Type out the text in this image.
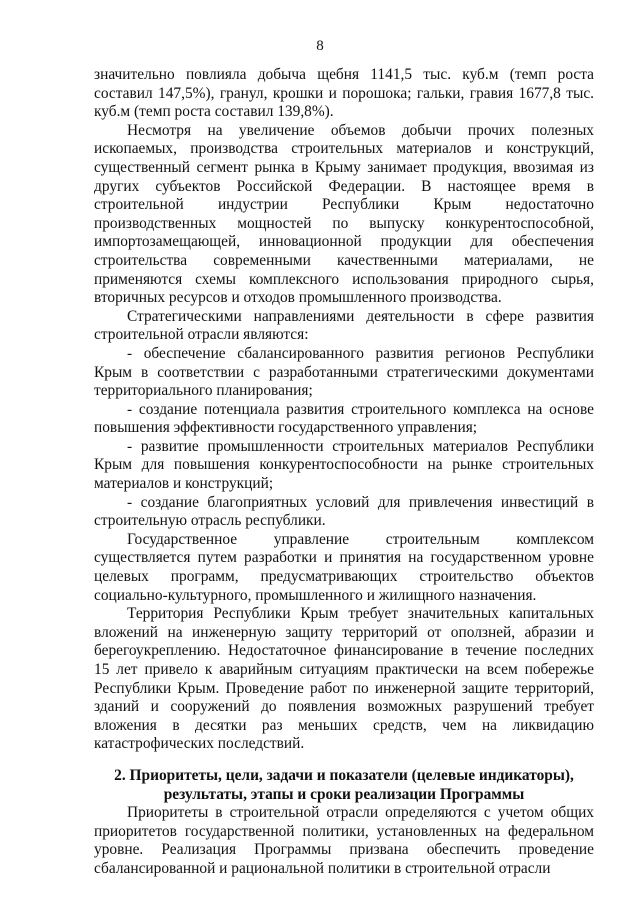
8

значительно повлияла добыча щебня 1141,5 тыс. куб.м (темп роста составил 147,5%), гранул, крошки и порошока; гальки, гравия 1677,8 тыс. куб.м (темп роста составил 139,8%).

Несмотря на увеличение объемов добычи прочих полезных ископаемых, производства строительных материалов и конструкций, существенный сегмент рынка в Крыму занимает продукция, ввозимая из других субъектов Российской Федерации. В настоящее время в строительной индустрии Республики Крым недостаточно производственных мощностей по выпуску конкурентоспособной, импортозамещающей, инновационной продукции для обеспечения строительства современными качественными материалами, не применяются схемы комплексного использования природного сырья, вторичных ресурсов и отходов промышленного производства.

Стратегическими направлениями деятельности в сфере развития строительной отрасли являются:

- обеспечение сбалансированного развития регионов Республики Крым в соответствии с разработанными стратегическими документами территориального планирования;

- создание потенциала развития строительного комплекса на основе повышения эффективности государственного управления;

- развитие промышленности строительных материалов Республики Крым для повышения конкурентоспособности на рынке строительных материалов и конструкций;

- создание благоприятных условий для привлечения инвестиций в строительную отрасль республики.

Государственное управление строительным комплексом существляется путем разработки и принятия на государственном уровне целевых программ, предусматривающих строительство объектов социально-культурного, промышленного и жилищного назначения.

Территория Республики Крым требует значительных капитальных вложений на инженерную защиту территорий от оползней, абразии и берегоукреплению. Недостаточное финансирование в течение последних 15 лет привело к аварийным ситуациям практически на всем побережье Республики Крым. Проведение работ по инженерной защите территорий, зданий и сооружений до появления возможных разрушений требует вложения в десятки раз меньших средств, чем на ликвидацию катастрофических последствий.

2. Приоритеты, цели, задачи и показатели (целевые индикаторы), результаты, этапы и сроки реализации Программы

Приоритеты в строительной отрасли определяются с учетом общих приоритетов государственной политики, установленных на федеральном уровне. Реализация Программы призвана обеспечить проведение сбалансированной и рациональной политики в строительной отрасли
